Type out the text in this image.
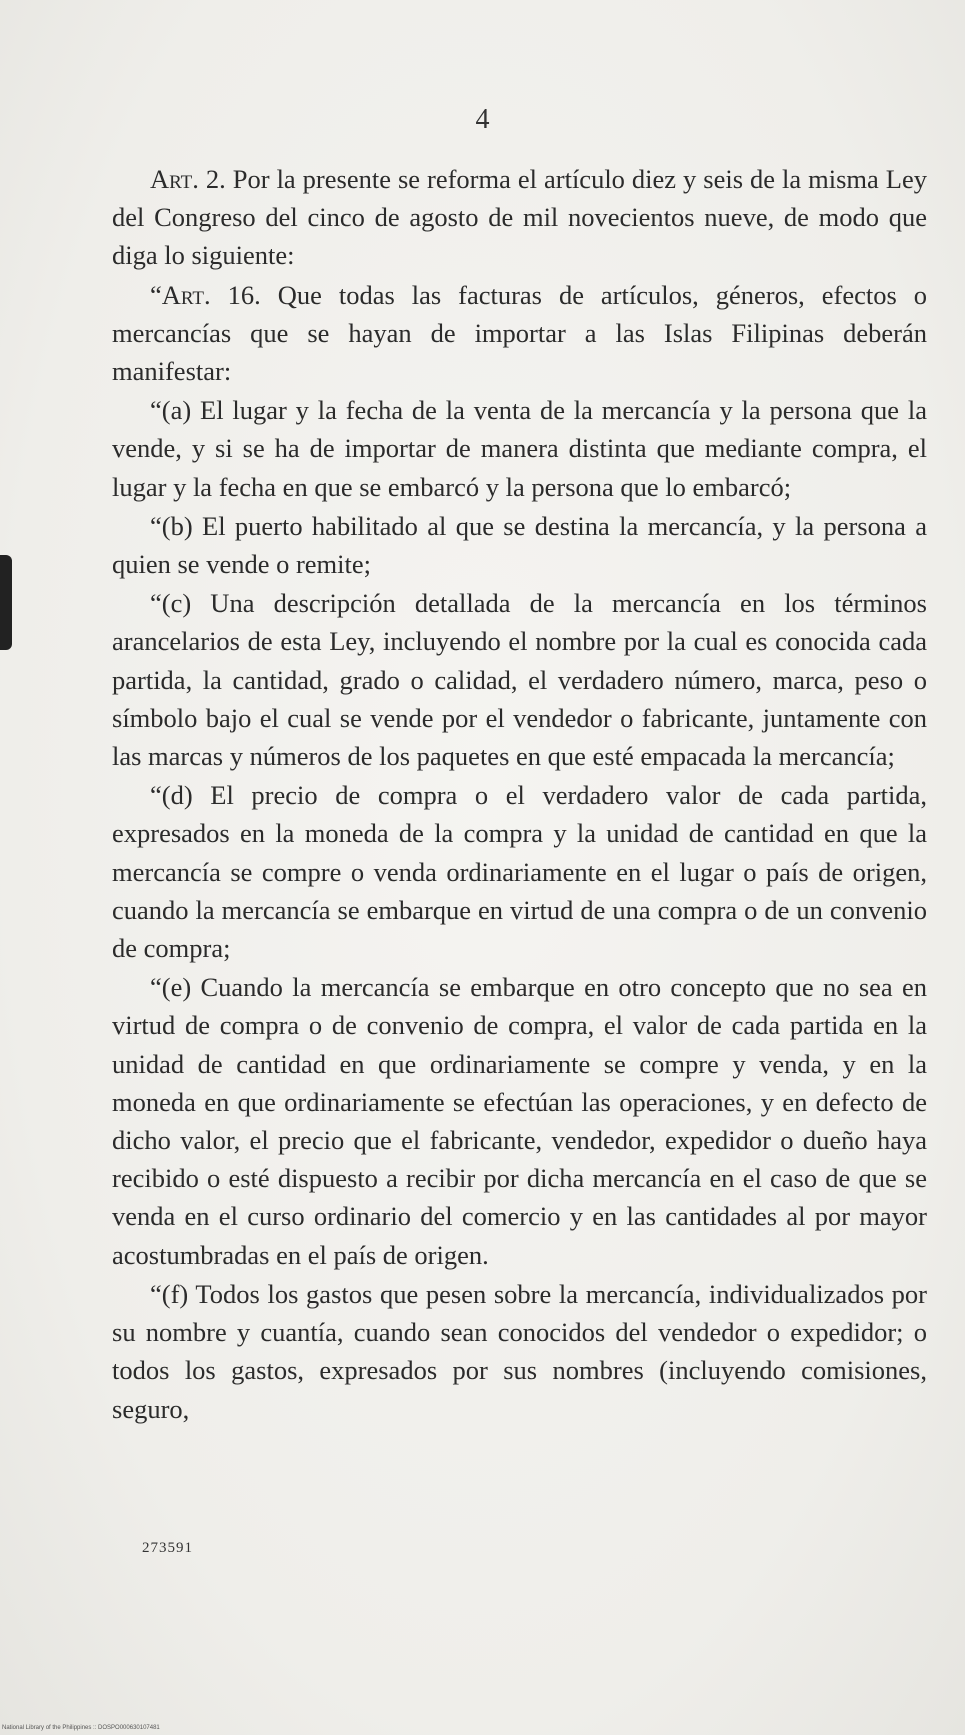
4

Art. 2. Por la presente se reforma el artículo diez y seis de la misma Ley del Congreso del cinco de agosto de mil novecientos nueve, de modo que diga lo siguiente:

“Art. 16. Que todas las facturas de artículos, géneros, efectos o mercancías que se hayan de importar a las Islas Filipinas deberán manifestar:

“(a) El lugar y la fecha de la venta de la mercancía y la persona que la vende, y si se ha de importar de manera distinta que mediante compra, el lugar y la fecha en que se embarcó y la persona que lo embarcó;

“(b) El puerto habilitado al que se destina la mercancía, y la persona a quien se vende o remite;

“(c) Una descripción detallada de la mercancía en los términos arancelarios de esta Ley, incluyendo el nombre por la cual es conocida cada partida, la cantidad, grado o calidad, el verdadero número, marca, peso o símbolo bajo el cual se vende por el vendedor o fabricante, juntamente con las marcas y números de los paquetes en que esté empacada la mercancía;

“(d) El precio de compra o el verdadero valor de cada partida, expresados en la moneda de la compra y la unidad de cantidad en que la mercancía se compre o venda ordinariamente en el lugar o país de origen, cuando la mercancía se embarque en virtud de una compra o de un convenio de compra;

“(e) Cuando la mercancía se embarque en otro concepto que no sea en virtud de compra o de convenio de compra, el valor de cada partida en la unidad de cantidad en que ordinariamente se compre y venda, y en la moneda en que ordinariamente se efectúan las operaciones, y en defecto de dicho valor, el precio que el fabricante, vendedor, expedidor o dueño haya recibido o esté dispuesto a recibir por dicha mercancía en el caso de que se venda en el curso ordinario del comercio y en las cantidades al por mayor acostumbradas en el país de origen.

“(f) Todos los gastos que pesen sobre la mercancía, individualizados por su nombre y cuantía, cuando sean conocidos del vendedor o expedidor; o todos los gastos, expresados por sus nombres (incluyendo comisiones, seguro,

273591
National Library of the Philippines :: DOSPO000630107481
